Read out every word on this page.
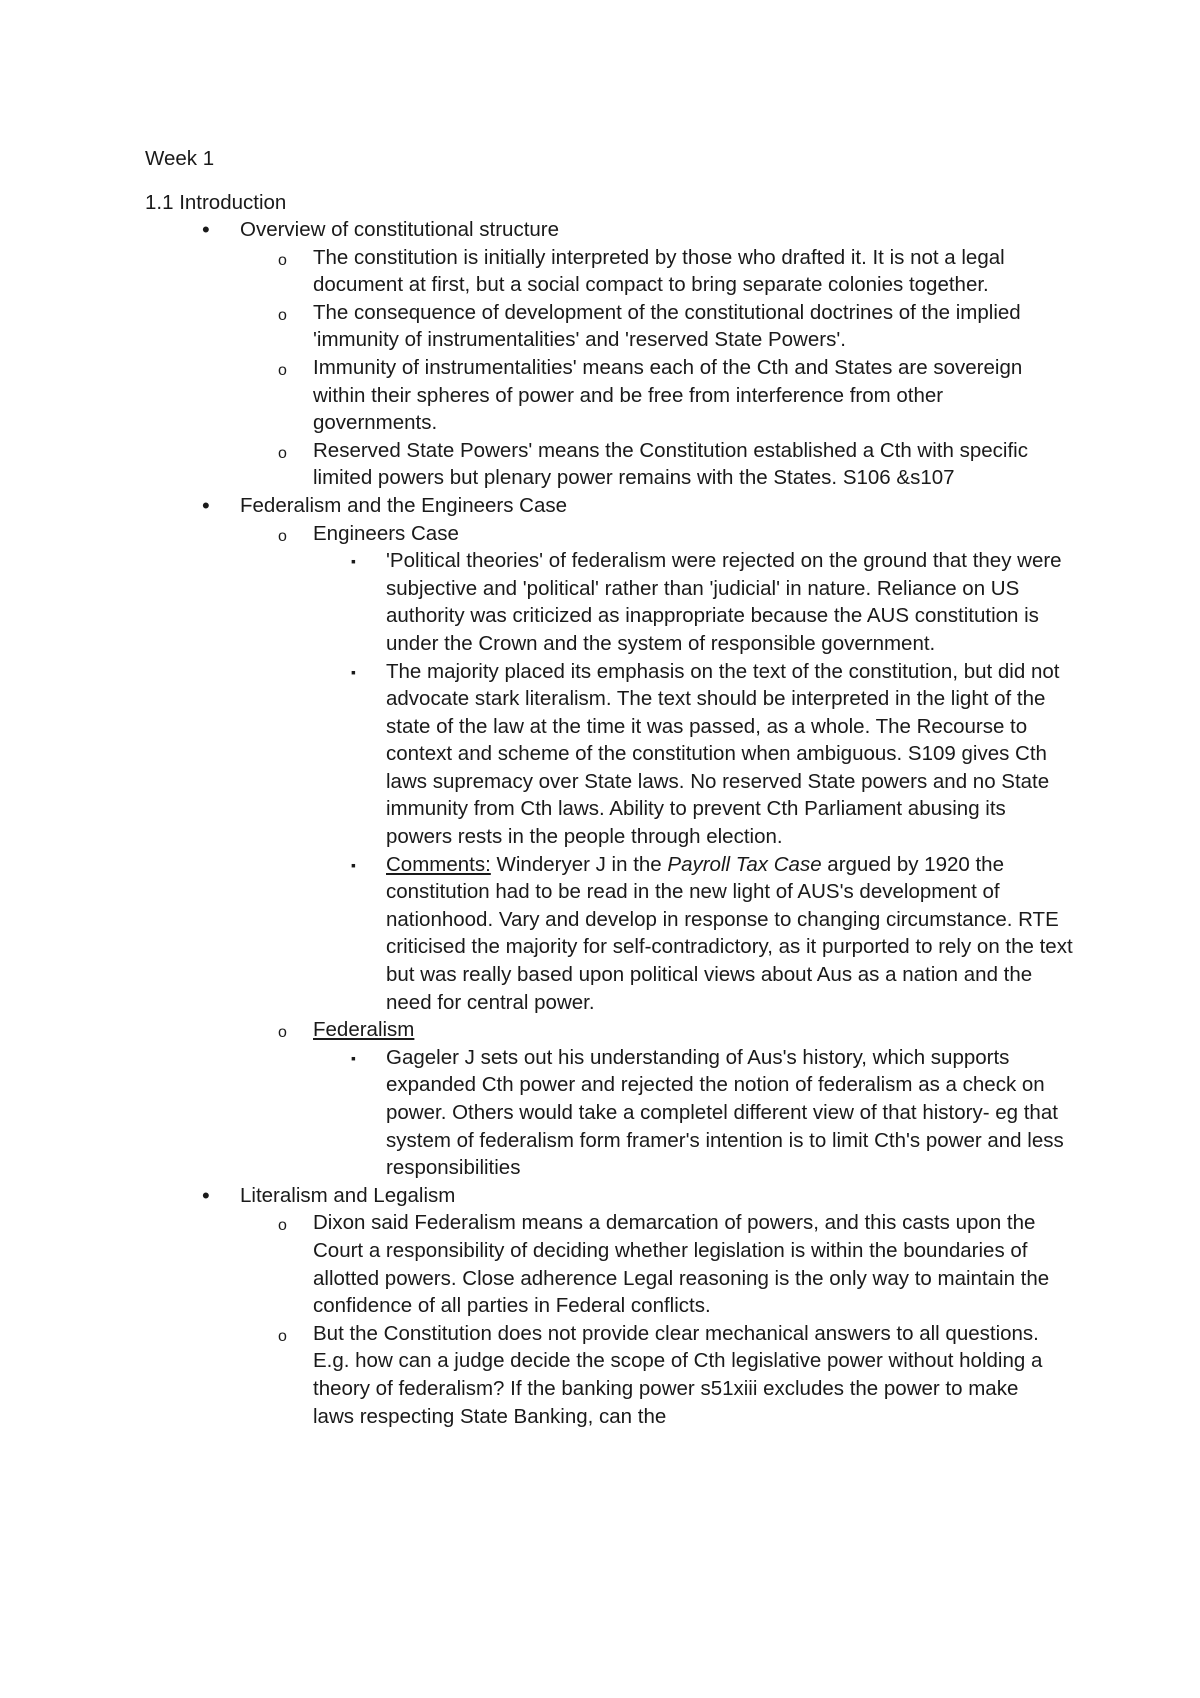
Week 1
1.1 Introduction
• Overview of constitutional structure
o The constitution is initially interpreted by those who drafted it. It is not a legal document at first, but a social compact to bring separate colonies together.
o The consequence of development of the constitutional doctrines of the implied 'immunity of instrumentalities' and 'reserved State Powers'.
o Immunity of instrumentalities' means each of the Cth and States are sovereign within their spheres of power and be free from interference from other governments.
o Reserved State Powers' means the Constitution established a Cth with specific limited powers but plenary power remains with the States. S106 &s107
• Federalism and the Engineers Case
o Engineers Case
▪ 'Political theories' of federalism were rejected on the ground that they were subjective and 'political' rather than 'judicial' in nature. Reliance on US authority was criticized as inappropriate because the AUS constitution is under the Crown and the system of responsible government.
▪ The majority placed its emphasis on the text of the constitution, but did not advocate stark literalism. The text should be interpreted in the light of the state of the law at the time it was passed, as a whole. The Recourse to context and scheme of the constitution when ambiguous. S109 gives Cth laws supremacy over State laws. No reserved State powers and no State immunity from Cth laws. Ability to prevent Cth Parliament abusing its powers rests in the people through election.
▪ Comments: Winderyer J in the Payroll Tax Case argued by 1920 the constitution had to be read in the new light of AUS's development of nationhood. Vary and develop in response to changing circumstance. RTE criticised the majority for self-contradictory, as it purported to rely on the text but was really based upon political views about Aus as a nation and the need for central power.
o Federalism
▪ Gageler J sets out his understanding of Aus's history, which supports expanded Cth power and rejected the notion of federalism as a check on power. Others would take a completel different view of that history- eg that system of federalism form framer's intention is to limit Cth's power and less responsibilities
• Literalism and Legalism
o Dixon said Federalism means a demarcation of powers, and this casts upon the Court a responsibility of deciding whether legislation is within the boundaries of allotted powers. Close adherence Legal reasoning is the only way to maintain the confidence of all parties in Federal conflicts.
o But the Constitution does not provide clear mechanical answers to all questions. E.g. how can a judge decide the scope of Cth legislative power without holding a theory of federalism? If the banking power s51xiii excludes the power to make laws respecting State Banking, can the
